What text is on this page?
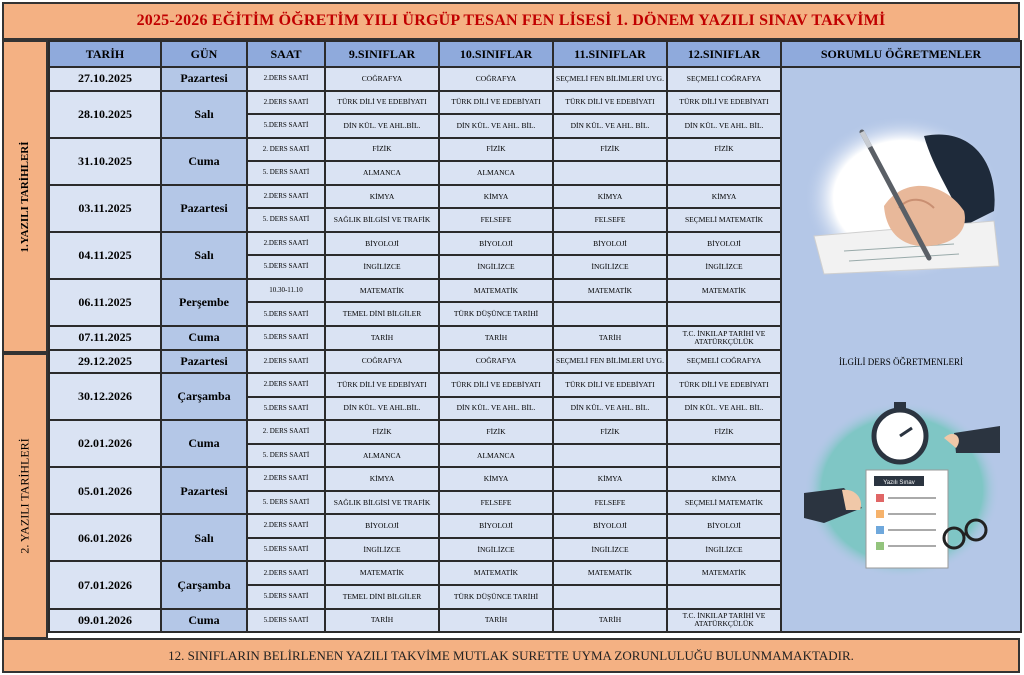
2025-2026 EĞİTİM ÖĞRETİM YILI ÜRGÜP TESAN FEN LİSESİ 1. DÖNEM YAZILI SINAV TAKVİMİ
1.YAZILI TARİHLERİ
2. YAZILI TARİHLERİ
TARİH	GÜN	SAAT	9.SINIFLAR	10.SINIFLAR	11.SINIFLAR	12.SINIFLAR	SORUMLU ÖĞRETMENLER
27.10.2025	Pazartesi	2.DERS SAATİ	COĞRAFYA	COĞRAFYA	SEÇMELİ FEN BİLİMLERİ UYG.	SEÇMELİ COĞRAFYA	İLGİLİ DERS ÖĞRETMENLERİ
Yazılı Sınav

28.10.2025	Salı	2.DERS SAATİ	TÜRK DİLİ VE EDEBİYATI	TÜRK DİLİ VE EDEBİYATI	TÜRK DİLİ VE EDEBİYATI	TÜRK DİLİ VE EDEBİYATI	
		5.DERS SAATİ	DİN KÜL. VE AHL.BİL.	DİN KÜL. VE AHL. BİL.	DİN KÜL. VE AHL. BİL.	DİN KÜL. VE AHL. BİL.	
31.10.2025	Cuma	2. DERS SAATİ	FİZİK	FİZİK	FİZİK	FİZİK	
		5. DERS SAATİ	ALMANCA	ALMANCA			
03.11.2025	Pazartesi	2.DERS SAATİ	KİMYA	KİMYA	KİMYA	KİMYA	
		5. DERS SAATİ	SAĞLIK BİLGİSİ VE TRAFİK	FELSEFE	FELSEFE	SEÇMELİ MATEMATİK	
04.11.2025	Salı	2.DERS SAATİ	BİYOLOJİ	BİYOLOJİ	BİYOLOJİ	BİYOLOJİ	
		5.DERS SAATİ	İNGİLİZCE	İNGİLİZCE	İNGİLİZCE	İNGİLİZCE	
06.11.2025	Perşembe	10.30-11.10	MATEMATİK	MATEMATİK	MATEMATİK	MATEMATİK	
		5.DERS SAATİ	TEMEL DİNİ BİLGİLER	TÜRK DÜŞÜNCE TARİHİ			
07.11.2025	Cuma	5.DERS SAATİ	TARİH	TARİH	TARİH	T.C. İNKILAP TARİHİ VE ATATÜRKÇÜLÜK	
29.12.2025	Pazartesi	2.DERS SAATİ	COĞRAFYA	COĞRAFYA	SEÇMELİ FEN BİLİMLERİ UYG.	SEÇMELİ COĞRAFYA	
30.12.2026	Çarşamba	2.DERS SAATİ	TÜRK DİLİ VE EDEBİYATI	TÜRK DİLİ VE EDEBİYATI	TÜRK DİLİ VE EDEBİYATI	TÜRK DİLİ VE EDEBİYATI	
		5.DERS SAATİ	DİN KÜL. VE AHL.BİL.	DİN KÜL. VE AHL. BİL.	DİN KÜL. VE AHL. BİL.	DİN KÜL. VE AHL. BİL.	
02.01.2026	Cuma	2. DERS SAATİ	FİZİK	FİZİK	FİZİK	FİZİK	
		5. DERS SAATİ	ALMANCA	ALMANCA			
05.01.2026	Pazartesi	2.DERS SAATİ	KİMYA	KİMYA	KİMYA	KİMYA	
		5. DERS SAATİ	SAĞLIK BİLGİSİ VE TRAFİK	FELSEFE	FELSEFE	SEÇMELİ MATEMATİK	
06.01.2026	Salı	2.DERS SAATİ	BİYOLOJİ	BİYOLOJİ	BİYOLOJİ	BİYOLOJİ	
		5.DERS SAATİ	İNGİLİZCE	İNGİLİZCE	İNGİLİZCE	İNGİLİZCE	
07.01.2026	Çarşamba	2.DERS SAATİ	MATEMATİK	MATEMATİK	MATEMATİK	MATEMATİK	
		5.DERS SAATİ	TEMEL DİNİ BİLGİLER	TÜRK DÜŞÜNCE TARİHİ			
09.01.2026	Cuma	5.DERS SAATİ	TARİH	TARİH	TARİH	T.C. İNKILAP TARİHİ VE ATATÜRKÇÜLÜK	
12. SINIFLARIN BELİRLENEN YAZILI TAKVİME MUTLAK SURETTE UYMA ZORUNLULUĞU BULUNMAMAKTADIR.
